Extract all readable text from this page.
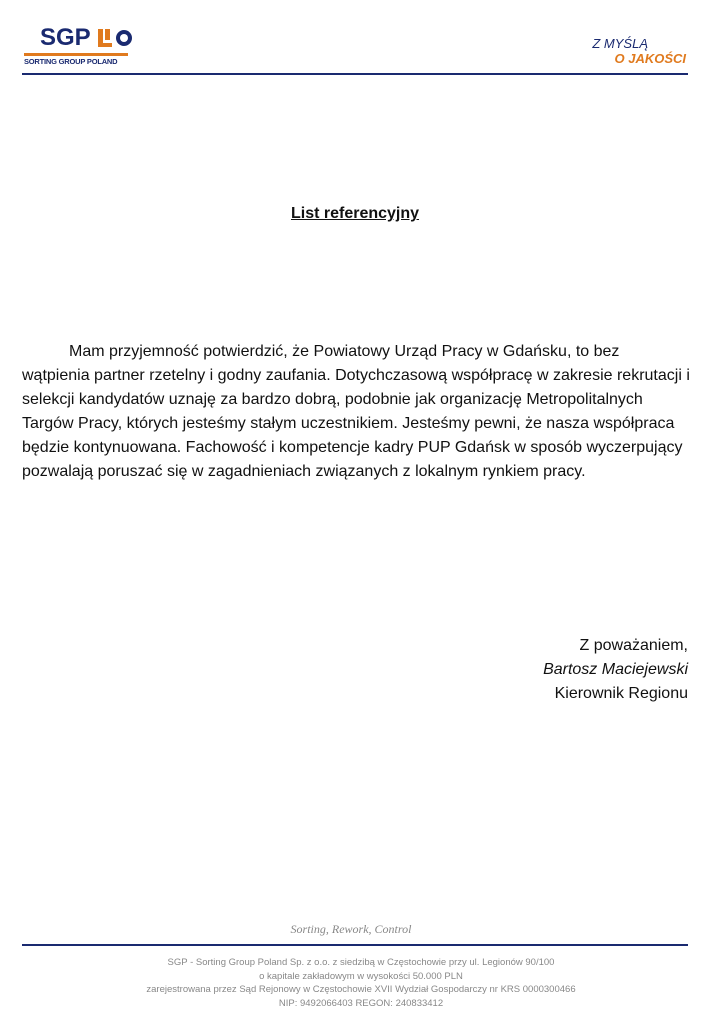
SGP
SORTING GROUP POLAND
Z MYŚLĄ
O JAKOŚCI
List referencyjny

Mam przyjemność potwierdzić, że Powiatowy Urząd Pracy w Gdańsku, to bez wątpienia partner rzetelny i godny zaufania. Dotychczasową współpracę w zakresie rekrutacji i selekcji kandydatów uznaję za bardzo dobrą, podobnie jak organizację Metropolitalnych Targów Pracy, których jesteśmy stałym uczestnikiem. Jesteśmy pewni, że nasza współpraca będzie kontynuowana. Fachowość i kompetencje kadry PUP Gdańsk w sposób wyczerpujący pozwalają poruszać się w zagadnieniach związanych z lokalnym rynkiem pracy.

Z poważaniem,
Bartosz Maciejewski
Kierownik Regionu
Sorting, Rework, Control
SGP - Sorting Group Poland Sp. z o.o. z siedzibą w Częstochowie przy ul. Legionów 90/100
o kapitale zakładowym w wysokości 50.000 PLN
zarejestrowana przez Sąd Rejonowy w Częstochowie XVII Wydział Gospodarczy nr KRS 0000300466
NIP: 9492066403 REGON: 240833412
